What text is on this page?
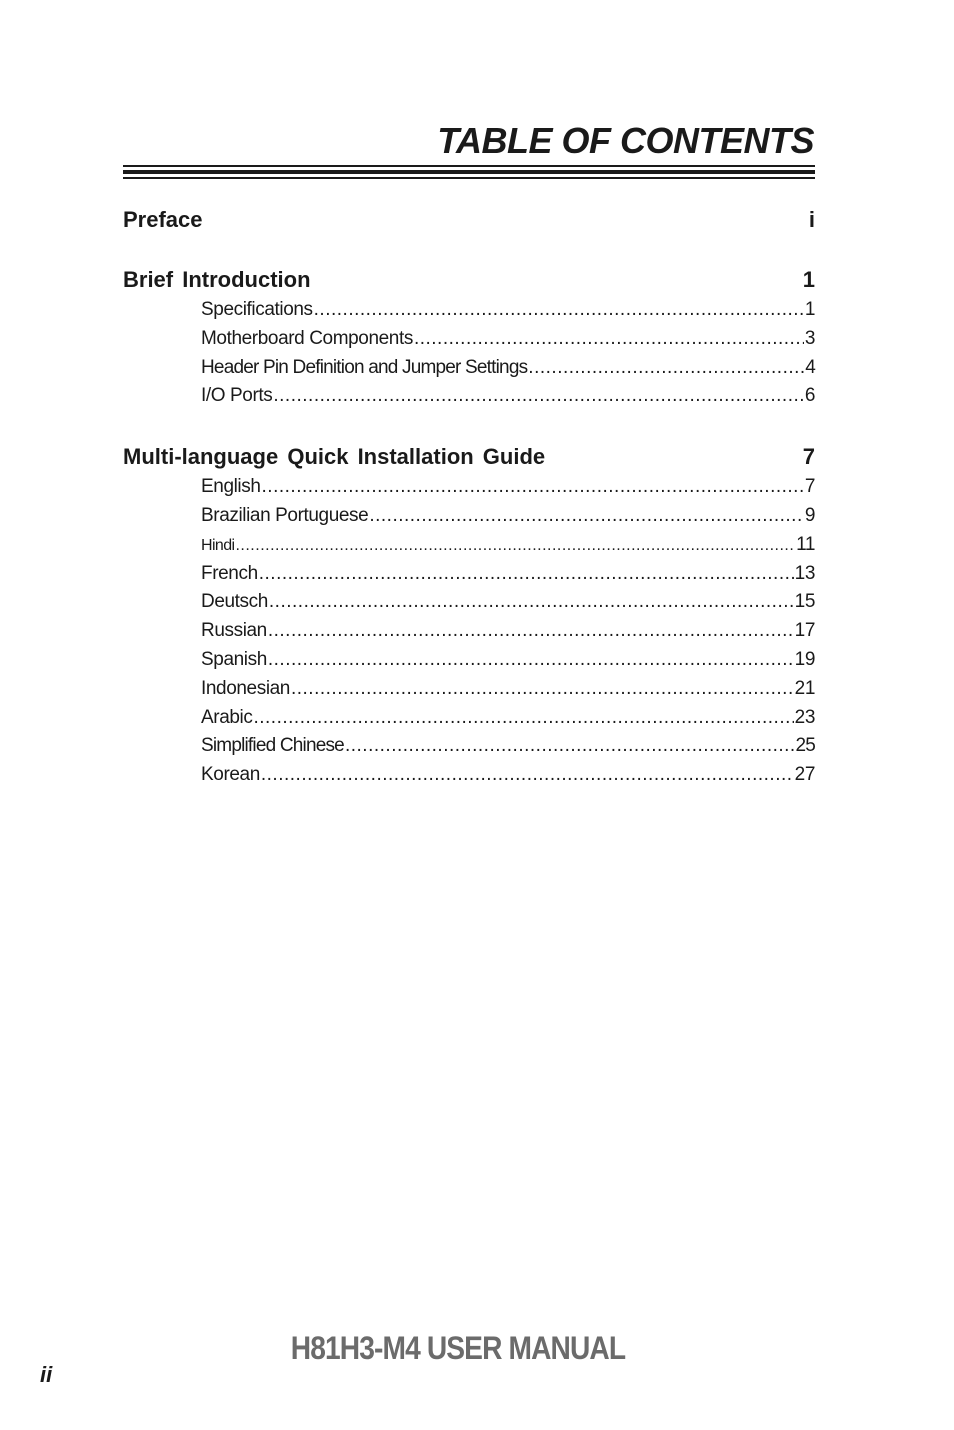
TABLE OF CONTENTS
Preface	i
Brief Introduction	1
Specifications .....	1
Motherboard Components .....	3
Header Pin Definition and Jumper Settings .....	4
I/O Ports .....	6
Multi-language Quick Installation Guide	7
English .....	7
Brazilian Portuguese .....	9
Hindi .....	11
French .....	13
Deutsch .....	15
Russian .....	17
Spanish .....	19
Indonesian .....	21
Arabic .....	23
Simplified Chinese .....	25
Korean .....	27
H81H3-M4 USER MANUAL
ii
